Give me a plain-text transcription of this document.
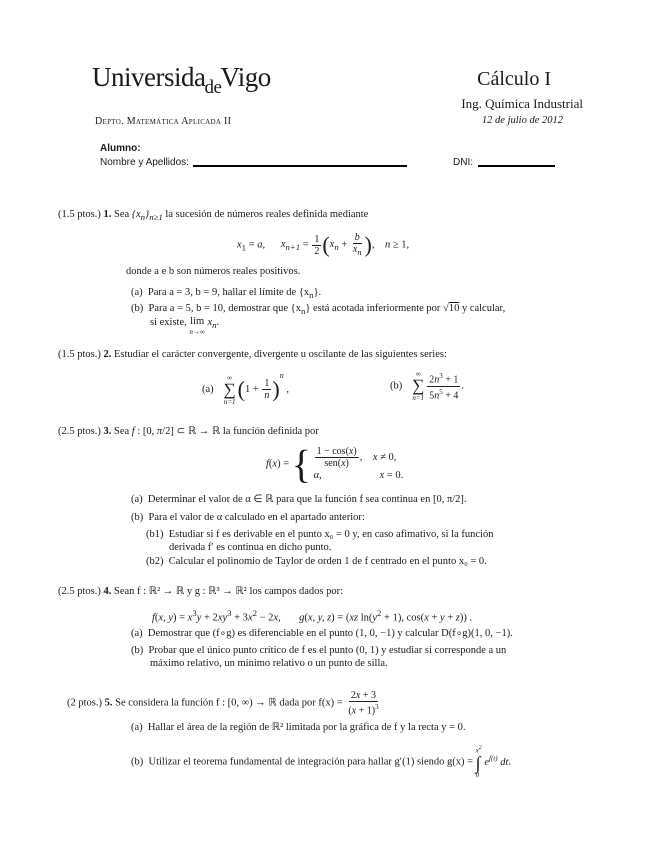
Universida$_{de}$Vigo	Cálculo I
Ing. Química Industrial
12 de julio de 2012
Depto. Matemática Aplicada II
Alumno:
Nombre y Apellidos:	DNI:
(1.5 ptos.) 1. Sea $\{x_n\}_{n\ge 1}$ la sucesión de números reales definida mediante
$x_1 = a$,      $x_{n+1} = \frac{1}{2} (x_n + \frac{b}{x_n}$ ),    n ≥ 1,
donde a e b son números reales positivos.
(a)  Para a = 3, b = 9, hallar el límite de $\{x_n\}$.
(b)  Para a = 5, b = 10, demostrar que $\{x_n\}$ está acotada inferiormente por √10 y calcular,
si existe, lim
n→∞
$x_n$.
(1.5 ptos.) 2. Estudiar el carácter convergente, divergente u oscilante de las siguientes series:
(a)
∞
∑
n=1 $(1 + \frac{1}{n} )^n$ ,	(b)
∞
∑
$n=1 \frac{2n^3 + 1}{5n^5 + 4}$ .
(2.5 ptos.) 3. Sea f : [0, π/2] ⊂ ℝ → ℝ la función definida por
f(x) = { $\frac{1 - \cos(x)}{\text{sen(x)}}$ ,    x ≠ 0,
α,                      x = 0.
(a)  Determinar el valor de α ∈ ℝ para que la función f sea continua en [0, π/2].
(b)  Para el valor de α calculado en el apartado anterior:
(b1)  Estudiar si f es derivable en el punto x₀ = 0 y, en caso afimativo, si la función
derivada f′ es continua en dicho punto.
(b2)  Calcular el polinomio de Taylor de orden 1 de f centrado en el punto x₀ = 0.
(2.5 ptos.) 4. Sean f : ℝ² → ℝ y g : ℝ³ → ℝ² los campos dados por:
f(x, $y) = x^3y + 2xy^3 + 3x^2 - 2x$,       g(x, y, z) = (xz $\ln(y^2 + 1)$, cos(x + y + z)) .
(a)  Demostrar que (f∘g) es diferenciable en el punto (1, 0, −1) y calcular D(f∘g)(1, 0, −1).
(b)  Probar que el único punto crítico de f es el punto (0, 1) y estudiar si corresponde a un
máximo relativo, un mínimo relativo o un punto de silla.
(2 ptos.) 5. Se considera la función f : [0, ∞) → ℝ dada por $f(x) = \frac{2x + 3}{(x + 1)^3}$
(a)  Hallar el área de la región de ℝ² limitada por la gráfica de f y la recta y = 0.
(b)  Utilizar el teorema fundamental de integración para hallar g′(1) siendo g(x) =
$x^2$
∫
0
$e^{f(t)}$ dt.
